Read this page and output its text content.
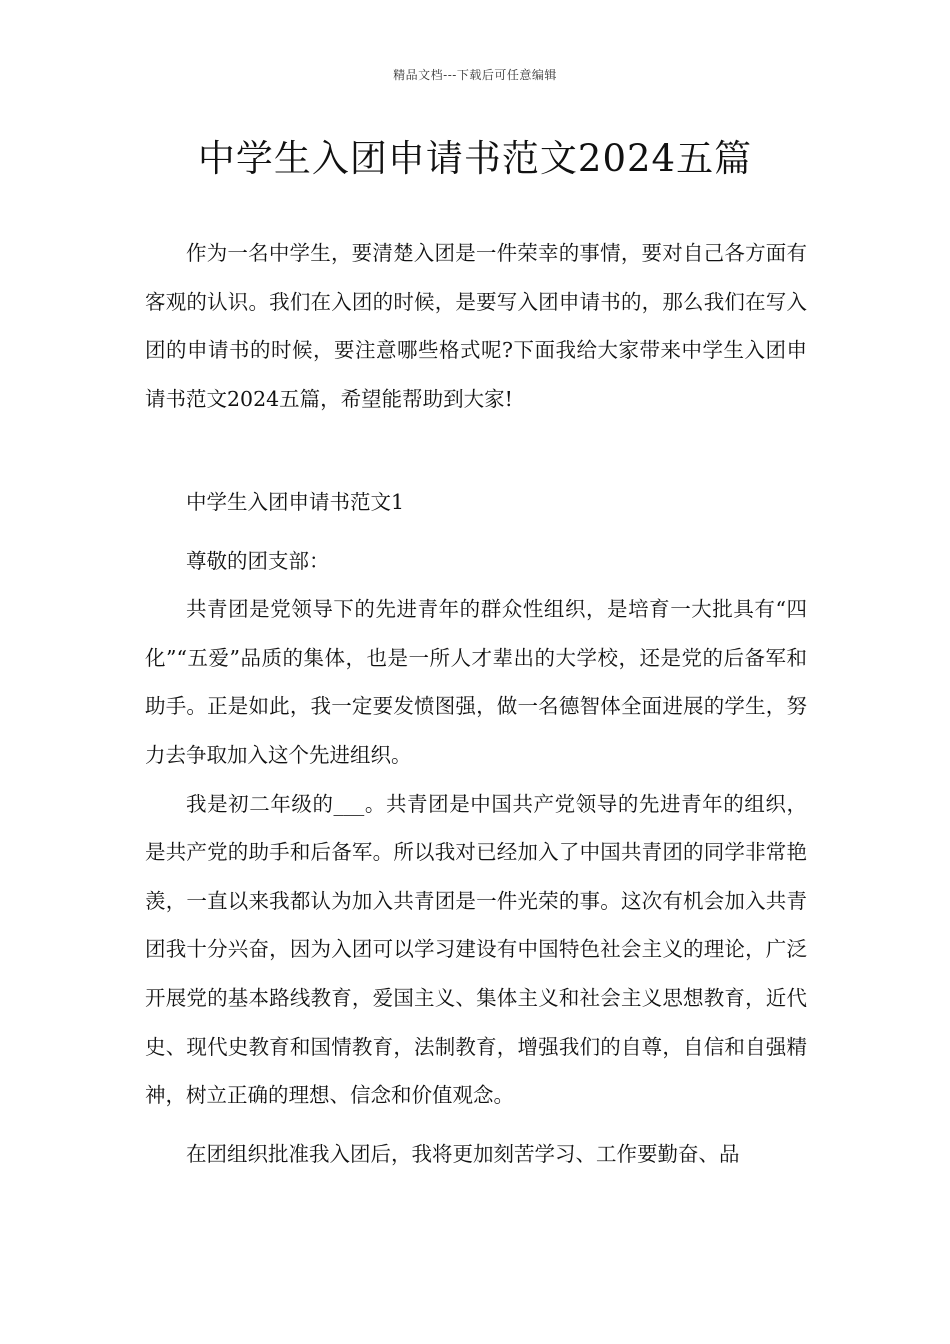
精品文档---下载后可任意编辑
中学生入团申请书范文2024五篇

作为一名中学生，要清楚入团是一件荣幸的事情，要对自己各方面有客观的认识。我们在入团的时候，是要写入团申请书的，那么我们在写入团的申请书的时候，要注意哪些格式呢?下面我给大家带来中学生入团申请书范文2024五篇，希望能帮助到大家!

中学生入团申请书范文1

尊敬的团支部：

共青团是党领导下的先进青年的群众性组织，是培育一大批具有“四化”“五爱”品质的集体，也是一所人才辈出的大学校，还是党的后备军和助手。正是如此，我一定要发愤图强，做一名德智体全面进展的学生，努力去争取加入这个先进组织。

我是初二年级的___。共青团是中国共产党领导的先进青年的组织，是共产党的助手和后备军。所以我对已经加入了中国共青团的同学非常艳羡，一直以来我都认为加入共青团是一件光荣的事。这次有机会加入共青团我十分兴奋，因为入团可以学习建设有中国特色社会主义的理论，广泛开展党的基本路线教育，爱国主义、集体主义和社会主义思想教育，近代史、现代史教育和国情教育，法制教育，增强我们的自尊，自信和自强精神，树立正确的理想、信念和价值观念。

在团组织批准我入团后，我将更加刻苦学习、工作要勤奋、品
